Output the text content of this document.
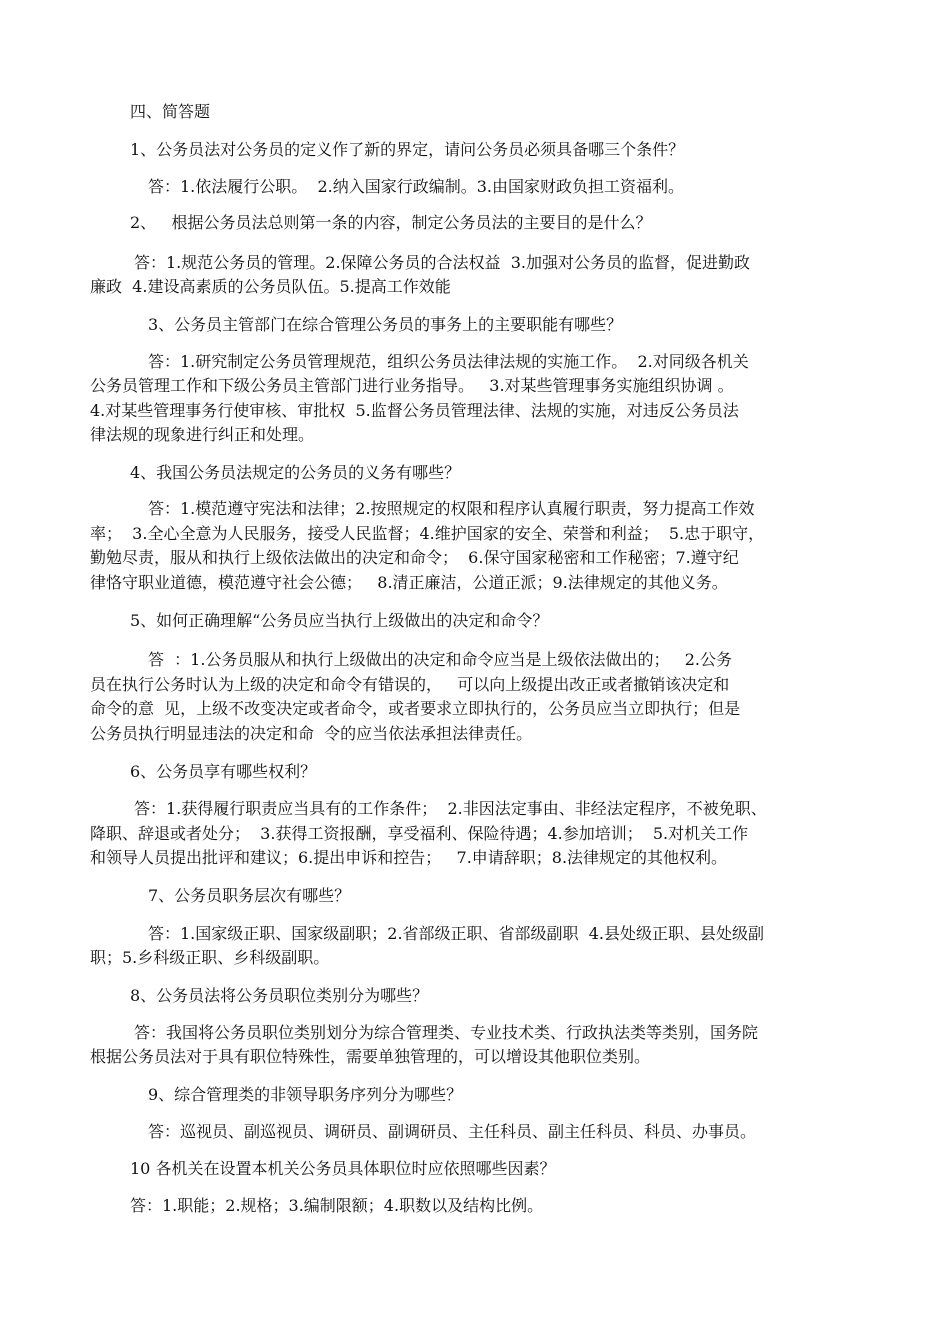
四、简答题
1、公务员法对公务员的定义作了新的界定，请问公务员必须具备哪三个条件？
答：1.依法履行公职。  2.纳入国家行政编制。3.由国家财政负担工资福利。
2、   根据公务员法总则第一条的内容，制定公务员法的主要目的是什么？
答：1.规范公务员的管理。2.保障公务员的合法权益  3.加强对公务员的监督，促进勤政
廉政  4.建设高素质的公务员队伍。5.提高工作效能
3、公务员主管部门在综合管理公务员的事务上的主要职能有哪些？
答：1.研究制定公务员管理规范，组织公务员法律法规的实施工作。  2.对同级各机关
公务员管理工作和下级公务员主管部门进行业务指导。   3.对某些管理事务实施组织协调 。
4.对某些管理事务行使审核、审批权  5.监督公务员管理法律、法规的实施，对违反公务员法
律法规的现象进行纠正和处理。
4、我国公务员法规定的公务员的义务有哪些？
答：1.模范遵守宪法和法律；2.按照规定的权限和程序认真履行职责，努力提高工作效
率；  3.全心全意为人民服务，接受人民监督；4.维护国家的安全、荣誉和利益；  5.忠于职守，
勤勉尽责，服从和执行上级依法做出的决定和命令；  6.保守国家秘密和工作秘密；7.遵守纪
律恪守职业道德，模范遵守社会公德；   8.清正廉洁，公道正派；9.法律规定的其他义务。
5、如何正确理解“公务员应当执行上级做出的决定和命令？
答  ：1.公务员服从和执行上级做出的决定和命令应当是上级依法做出的；   2.公务
员在执行公务时认为上级的决定和命令有错误的，   可以向上级提出改正或者撤销该决定和
命令的意  见，上级不改变决定或者命令，或者要求立即执行的，公务员应当立即执行；但是
公务员执行明显违法的决定和命  令的应当依法承担法律责任。
6、公务员享有哪些权利？
答：1.获得履行职责应当具有的工作条件；  2.非因法定事由、非经法定程序，不被免职、
降职、辞退或者处分；  3.获得工资报酬，享受福利、保险待遇；4.参加培训；  5.对机关工作
和领导人员提出批评和建议；6.提出申诉和控告；   7.申请辞职；8.法律规定的其他权利。
7、公务员职务层次有哪些？
答：1.国家级正职、国家级副职；2.省部级正职、省部级副职  4.县处级正职、县处级副
职；5.乡科级正职、乡科级副职。
8、公务员法将公务员职位类别分为哪些？
答：我国将公务员职位类别划分为综合管理类、专业技术类、行政执法类等类别，国务院
根据公务员法对于具有职位特殊性，需要单独管理的，可以增设其他职位类别。
9、综合管理类的非领导职务序列分为哪些？
答：巡视员、副巡视员、调研员、副调研员、主任科员、副主任科员、科员、办事员。
10 各机关在设置本机关公务员具体职位时应依照哪些因素？
答：1.职能；2.规格；3.编制限额；4.职数以及结构比例。
